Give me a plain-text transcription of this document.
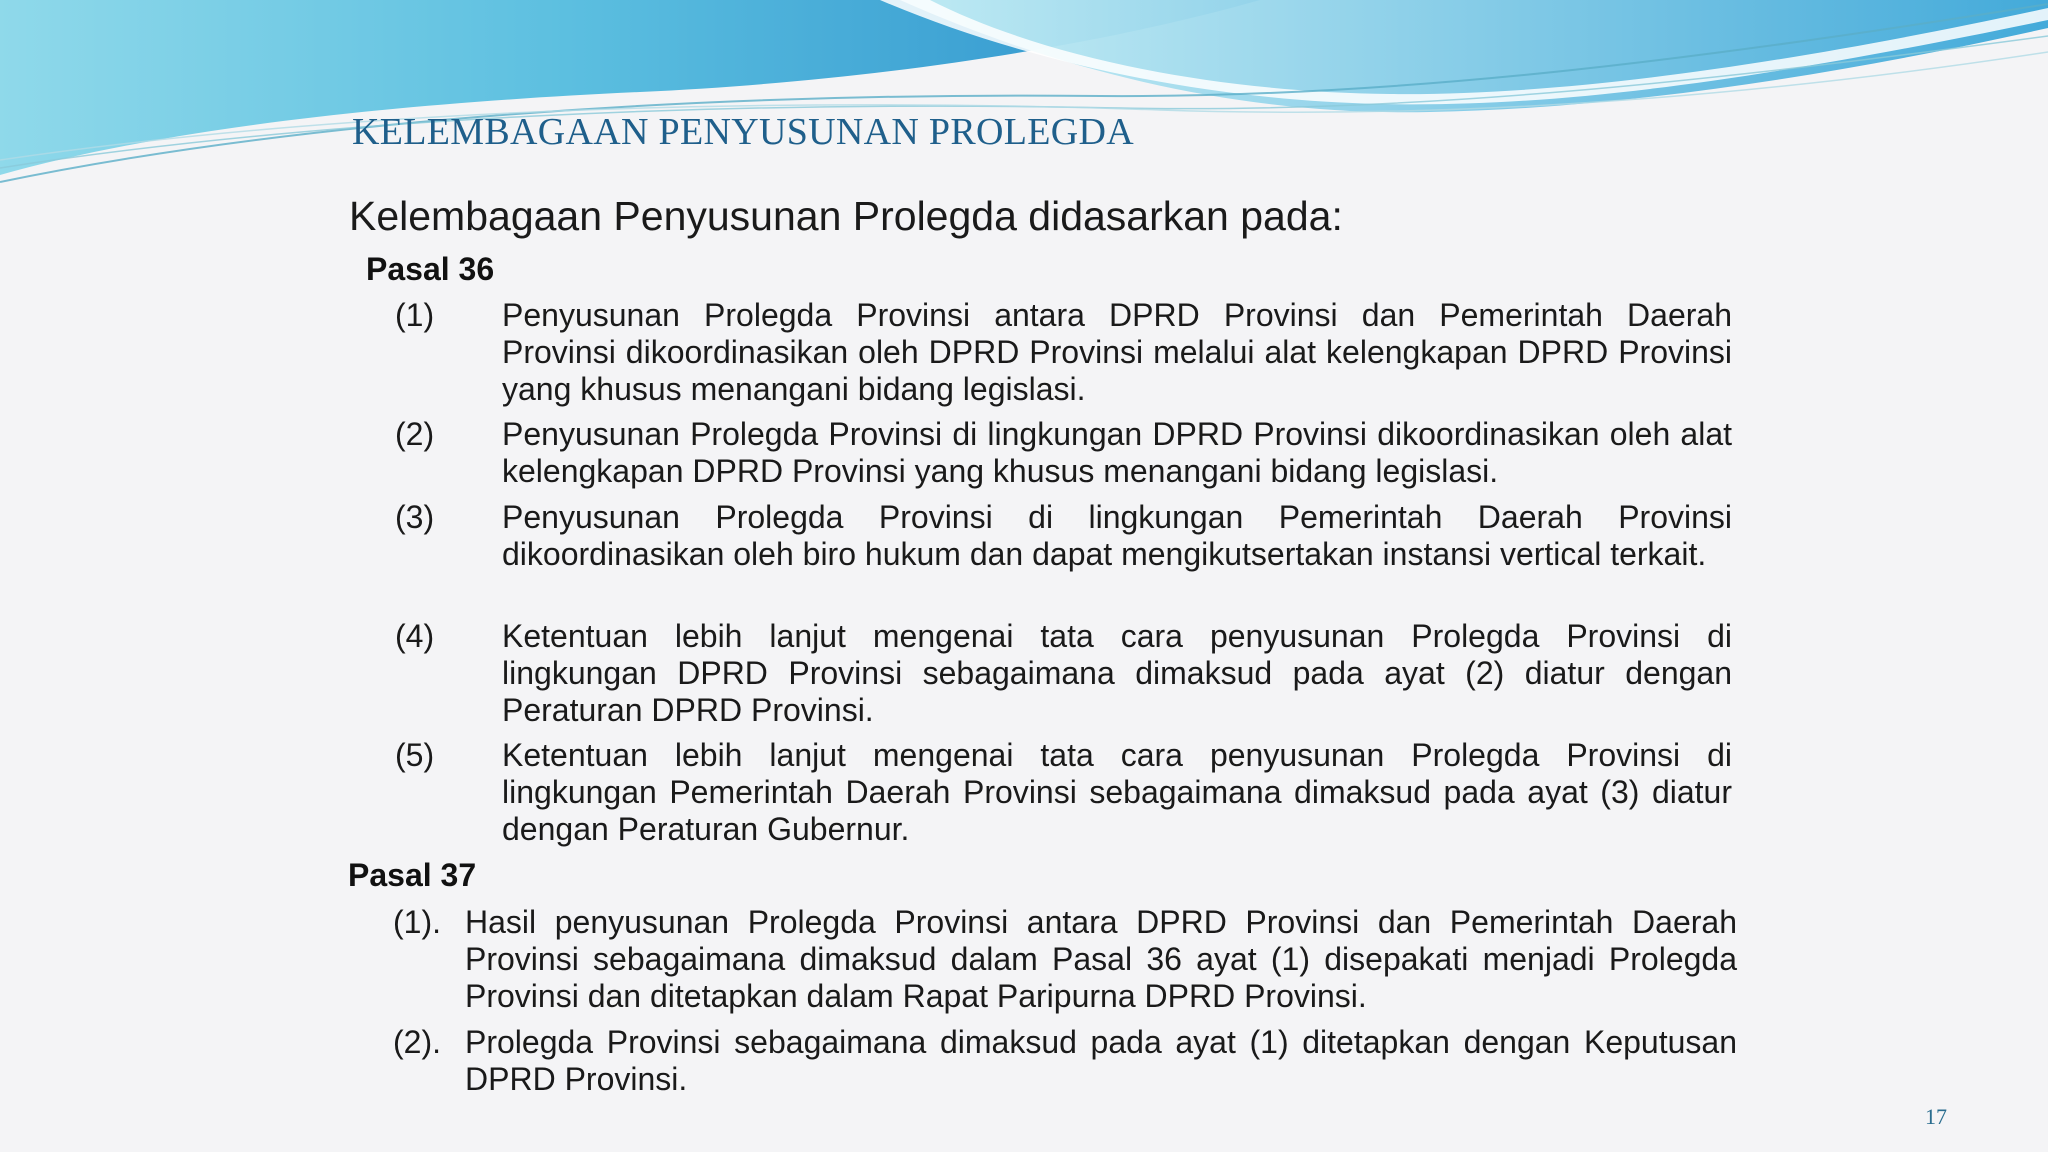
KELEMBAGAAN PENYUSUNAN PROLEGDA
Kelembagaan Penyusunan Prolegda didasarkan pada:
Pasal 36
(1) Penyusunan Prolegda Provinsi antara DPRD Provinsi dan Pemerintah Daerah Provinsi dikoordinasikan oleh DPRD Provinsi melalui alat kelengkapan DPRD Provinsi yang khusus menangani bidang legislasi.
(2) Penyusunan Prolegda Provinsi di lingkungan DPRD Provinsi dikoordinasikan oleh alat kelengkapan DPRD Provinsi yang khusus menangani bidang legislasi.
(3) Penyusunan Prolegda Provinsi di lingkungan Pemerintah Daerah Provinsi dikoordinasikan oleh biro hukum dan dapat mengikutsertakan instansi vertical terkait.
(4) Ketentuan lebih lanjut mengenai tata cara penyusunan Prolegda Provinsi di lingkungan DPRD Provinsi sebagaimana dimaksud pada ayat (2) diatur dengan Peraturan DPRD Provinsi.
(5) Ketentuan lebih lanjut mengenai tata cara penyusunan Prolegda Provinsi di lingkungan Pemerintah Daerah Provinsi sebagaimana dimaksud pada ayat (3) diatur dengan Peraturan Gubernur.
Pasal 37
(1). Hasil penyusunan Prolegda Provinsi antara DPRD Provinsi dan Pemerintah Daerah Provinsi sebagaimana dimaksud dalam Pasal 36 ayat (1) disepakati menjadi Prolegda Provinsi dan ditetapkan dalam Rapat Paripurna DPRD Provinsi.
(2). Prolegda Provinsi sebagaimana dimaksud pada ayat (1) ditetapkan dengan Keputusan DPRD Provinsi.
17
